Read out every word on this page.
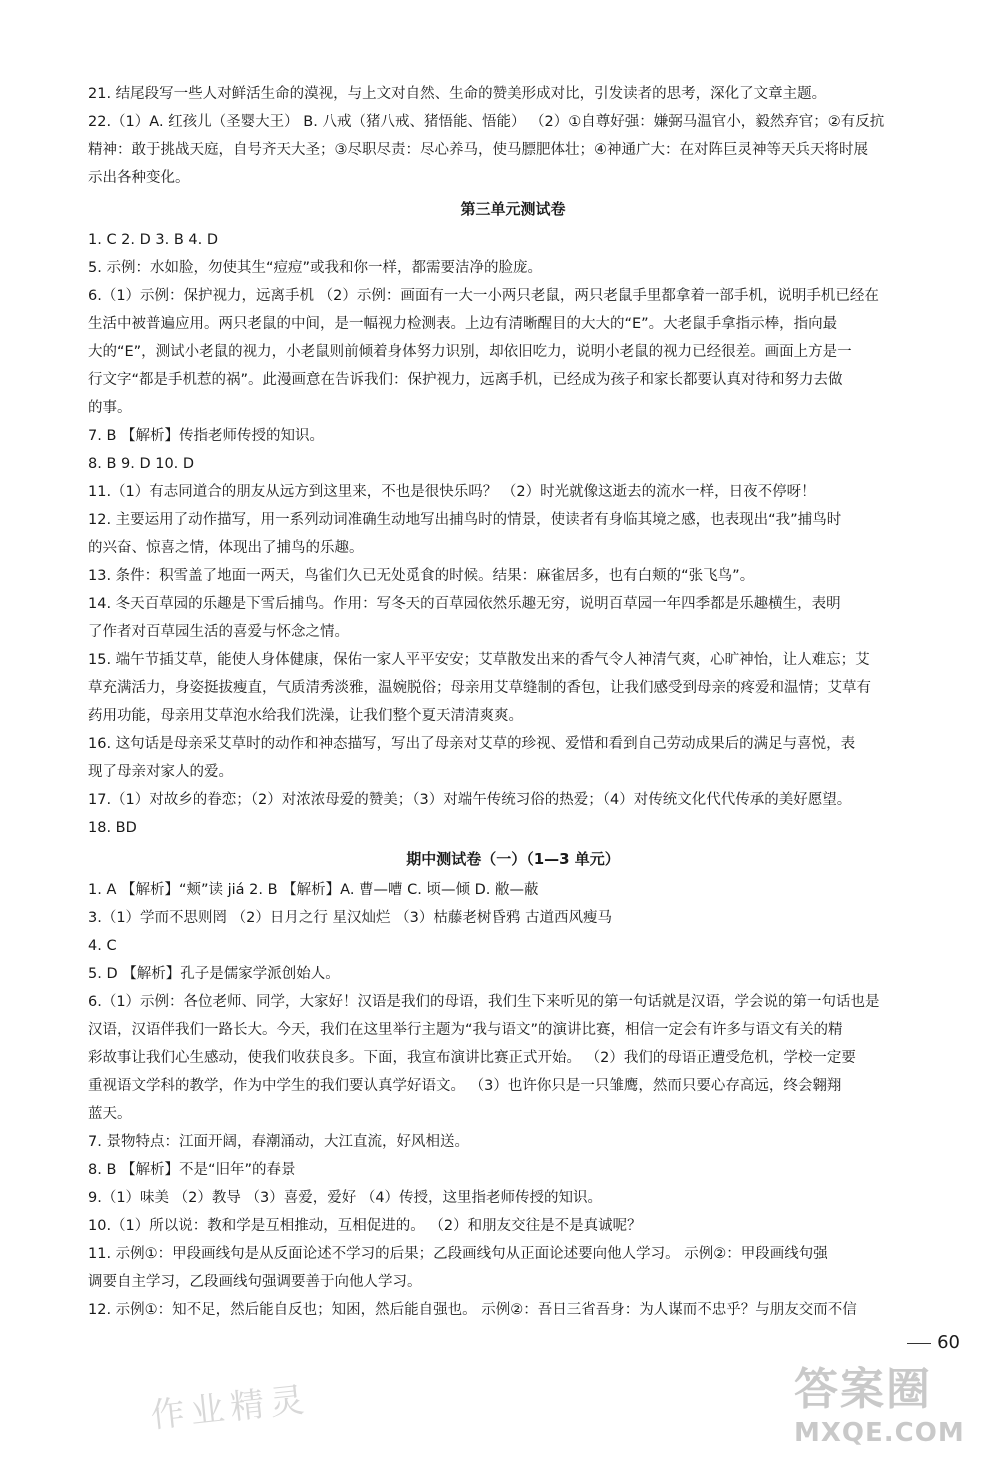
21. 结尾段写一些人对鲜活生命的漠视，与上文对自然、生命的赞美形成对比，引发读者的思考，深化了文章主题。
22.（1）A. 红孩儿（圣婴大王） B. 八戒（猪八戒、猪悟能、悟能） （2）①自尊好强：嫌弼马温官小，毅然弃官；②有反抗
精神：敢于挑战天庭，自号齐天大圣；③尽职尽责：尽心养马，使马膘肥体壮；④神通广大：在对阵巨灵神等天兵天将时展
示出各种变化。
第三单元测试卷
1. C 2. D 3. B 4. D
5. 示例：水如脸，勿使其生“痘痘”或我和你一样，都需要洁净的脸庞。
6.（1）示例：保护视力，远离手机 （2）示例：画面有一大一小两只老鼠，两只老鼠手里都拿着一部手机，说明手机已经在
生活中被普遍应用。两只老鼠的中间，是一幅视力检测表。上边有清晰醒目的大大的“E”。大老鼠手拿指示棒，指向最
大的“E”，测试小老鼠的视力，小老鼠则前倾着身体努力识别，却依旧吃力，说明小老鼠的视力已经很差。画面上方是一
行文字“都是手机惹的祸”。此漫画意在告诉我们：保护视力，远离手机，已经成为孩子和家长都要认真对待和努力去做
的事。
7. B 【解析】传指老师传授的知识。
8. B 9. D 10. D
11.（1）有志同道合的朋友从远方到这里来，不也是很快乐吗？ （2）时光就像这逝去的流水一样，日夜不停呀！
12. 主要运用了动作描写，用一系列动词准确生动地写出捕鸟时的情景，使读者有身临其境之感，也表现出“我”捕鸟时
的兴奋、惊喜之情，体现出了捕鸟的乐趣。
13. 条件：积雪盖了地面一两天，鸟雀们久已无处觅食的时候。结果：麻雀居多，也有白颊的“张飞鸟”。
14. 冬天百草园的乐趣是下雪后捕鸟。作用：写冬天的百草园依然乐趣无穷，说明百草园一年四季都是乐趣横生，表明
了作者对百草园生活的喜爱与怀念之情。
15. 端午节插艾草，能使人身体健康，保佑一家人平平安安；艾草散发出来的香气令人神清气爽，心旷神怡，让人难忘；艾
草充满活力，身姿挺拔瘦直，气质清秀淡雅，温婉脱俗；母亲用艾草缝制的香包，让我们感受到母亲的疼爱和温情；艾草有
药用功能，母亲用艾草泡水给我们洗澡，让我们整个夏天清清爽爽。
16. 这句话是母亲采艾草时的动作和神态描写，写出了母亲对艾草的珍视、爱惜和看到自己劳动成果后的满足与喜悦，表
现了母亲对家人的爱。
17.（1）对故乡的眷恋；（2）对浓浓母爱的赞美；（3）对端午传统习俗的热爱；（4）对传统文化代代传承的美好愿望。
18. BD
期中测试卷（一）（1—3 单元）
1. A 【解析】“颊”读 jiá 2. B 【解析】A. 曹—嘈 C. 顷—倾 D. 敝—蔽
3.（1）学而不思则罔 （2）日月之行 星汉灿烂 （3）枯藤老树昏鸦 古道西风瘦马
4. C
5. D 【解析】孔子是儒家学派创始人。
6.（1）示例：各位老师、同学，大家好！汉语是我们的母语，我们生下来听见的第一句话就是汉语，学会说的第一句话也是
汉语，汉语伴我们一路长大。今天，我们在这里举行主题为“我与语文”的演讲比赛，相信一定会有许多与语文有关的精
彩故事让我们心生感动，使我们收获良多。下面，我宣布演讲比赛正式开始。 （2）我们的母语正遭受危机，学校一定要
重视语文学科的教学，作为中学生的我们要认真学好语文。 （3）也许你只是一只雏鹰，然而只要心存高远，终会翱翔
蓝天。
7. 景物特点：江面开阔，春潮涌动，大江直流，好风相送。
8. B 【解析】不是“旧年”的春景
9.（1）味美 （2）教导 （3）喜爱，爱好 （4）传授，这里指老师传授的知识。
10.（1）所以说：教和学是互相推动，互相促进的。 （2）和朋友交往是不是真诚呢？
11. 示例①：甲段画线句是从反面论述不学习的后果；乙段画线句从正面论述要向他人学习。 示例②：甲段画线句强
调要自主学习，乙段画线句强调要善于向他人学习。
12. 示例①：知不足，然后能自反也；知困，然后能自强也。 示例②：吾日三省吾身：为人谋而不忠乎？与朋友交而不信
60
作业精灵	答案圈
MXQE.COM
